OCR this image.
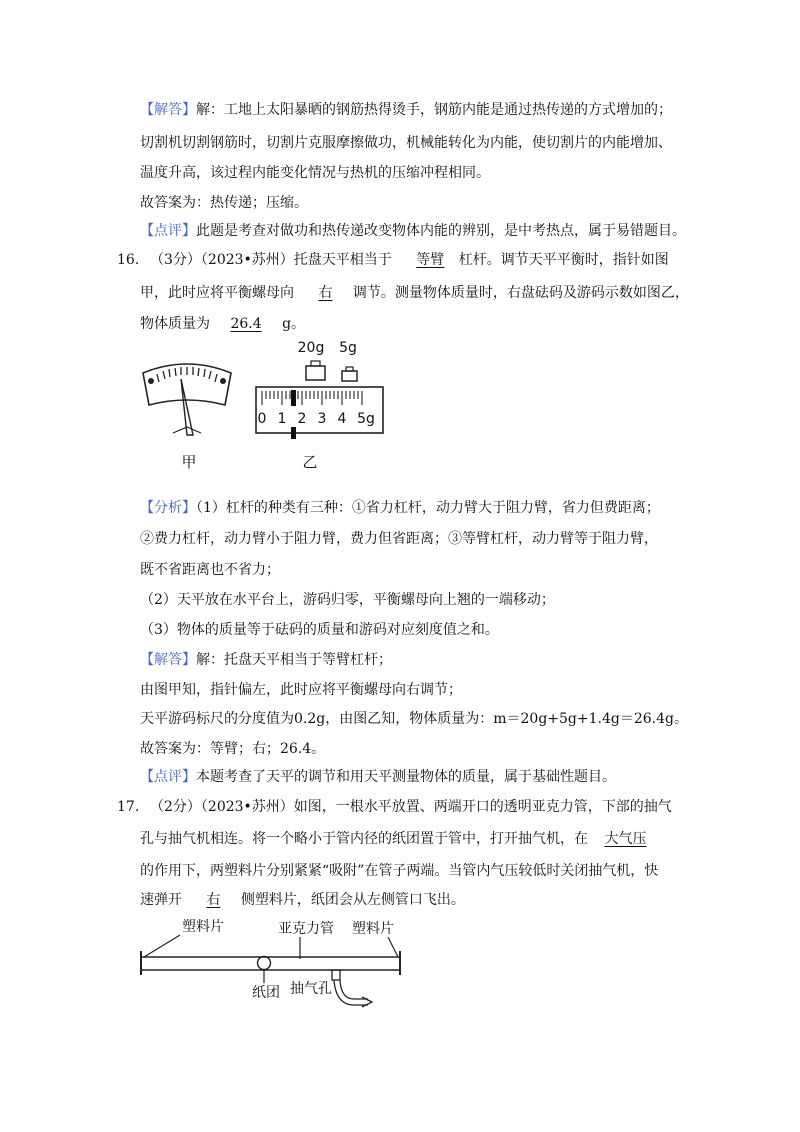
【解答】解：工地上太阳暴晒的钢筋热得烫手，钢筋内能是通过热传递的方式增加的；
切割机切割钢筋时，切割片克服摩擦做功，机械能转化为内能，使切割片的内能增加、
温度升高，该过程内能变化情况与热机的压缩冲程相同。
故答案为：热传递；压缩。
【点评】此题是考查对做功和热传递改变物体内能的辨别，是中考热点，属于易错题目。
16. （3分）（2023•苏州）托盘天平相当于 等臂 杠杆。调节天平平衡时，指针如图
甲，此时应将平衡螺母向 右 调节。测量物体质量时，右盘砝码及游码示数如图乙，
物体质量为 26.4 g。
20g 5g
0 1 2 3 4 5g
甲	乙
【分析】（1）杠杆的种类有三种：①省力杠杆，动力臂大于阻力臂，省力但费距离；
②费力杠杆，动力臂小于阻力臂，费力但省距离；③等臂杠杆，动力臂等于阻力臂，
既不省距离也不省力；
（2）天平放在水平台上，游码归零，平衡螺母向上翘的一端移动；
（3）物体的质量等于砝码的质量和游码对应刻度值之和。
【解答】解：托盘天平相当于等臂杠杆；
由图甲知，指针偏左，此时应将平衡螺母向右调节；
天平游码标尺的分度值为0.2g，由图乙知，物体质量为：m＝20g+5g+1.4g＝26.4g。
故答案为：等臂；右；26.4。
【点评】本题考查了天平的调节和用天平测量物体的质量，属于基础性题目。
17. （2分）（2023•苏州）如图，一根水平放置、两端开口的透明亚克力管，下部的抽气
孔与抽气机相连。将一个略小于管内径的纸团置于管中，打开抽气机，在 大气压
的作用下，两塑料片分别紧紧“吸附”在管子两端。当管内气压较低时关闭抽气机，快
速弹开 右 侧塑料片，纸团会从左侧管口飞出。
塑料片	亚克力管 塑料片
纸团 抽气孔
